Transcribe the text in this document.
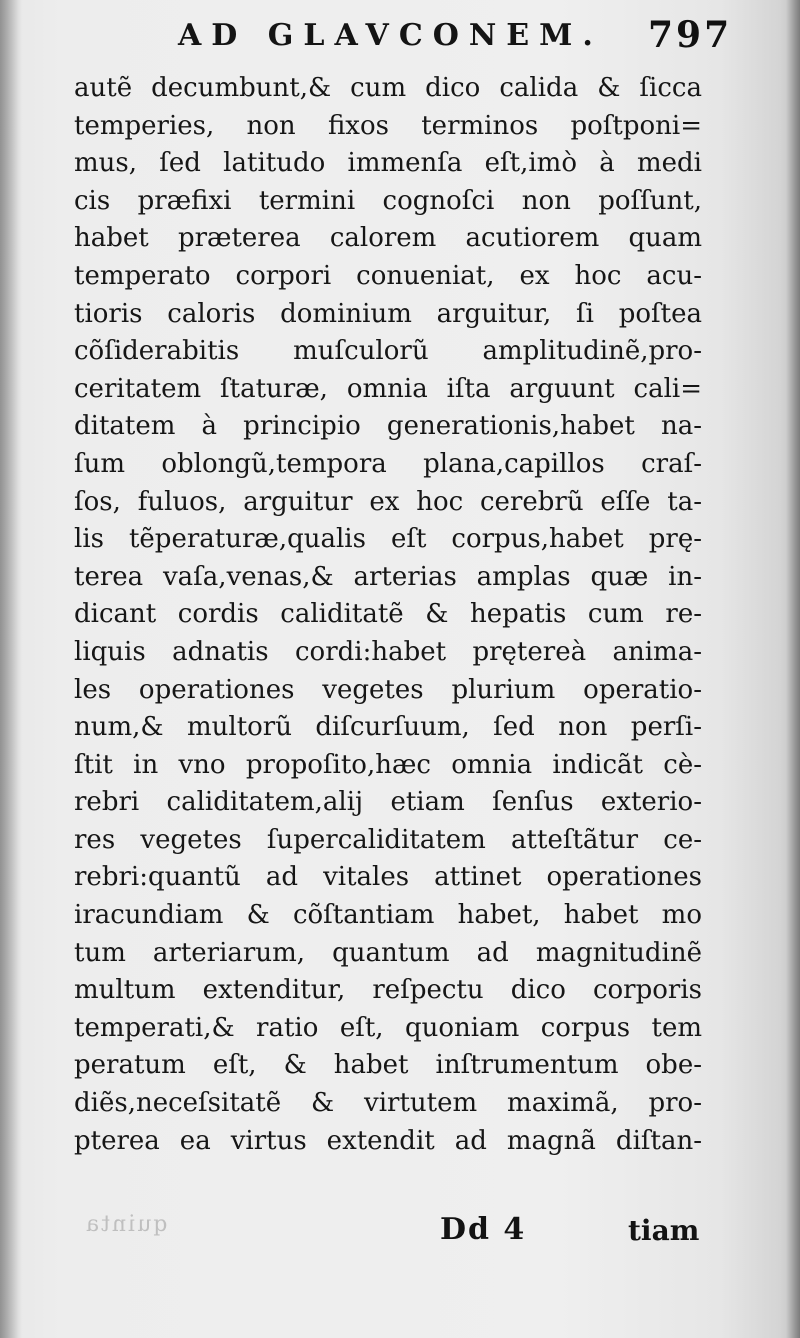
AD GLAVCONEM. 797
autẽ decumbunt,& cum dico calida & ſicca
temperies, non fixos terminos poſtponi=
mus, ſed latitudo immenſa eſt,imò à medi
cis præfixi termini cognoſci non poſſunt,
habet præterea calorem acutiorem quam
temperato corpori conueniat, ex hoc acu-
tioris caloris dominium arguitur, ſi poſtea
cõſiderabitis muſculorũ amplitudinẽ,pro-
ceritatem ſtaturæ, omnia iſta arguunt cali=
ditatem à principio generationis,habet na-
ſum oblongũ,tempora plana,capillos craſ-
ſos, fuluos, arguitur ex hoc cerebrũ eſſe ta-
lis tẽperaturæ,qualis eſt corpus,habet prę-
terea vaſa,venas,& arterias amplas quæ in-
dicant cordis caliditatẽ & hepatis cum re-
liquis adnatis cordi:habet prętereà anima-
les operationes vegetes plurium operatio-
num,& multorũ diſcurſuum, ſed non perſi-
ſtit in vno propoſito,hæc omnia indicãt cè-
rebri caliditatem,alij etiam ſenſus exterio-
res vegetes ſupercaliditatem atteſtãtur ce-
rebri:quantũ ad vitales attinet operationes
iracundiam & cõſtantiam habet, habet mo
tum arteriarum, quantum ad magnitudinẽ
multum extenditur, reſpectu dico corporis
temperati,& ratio eſt, quoniam corpus tem
peratum eſt, & habet inſtrumentum obe-
diẽs,neceſsitatẽ & virtutem maximã, pro-
pterea ea virtus extendit ad magnã diſtan-
quinta	Dd 4	tiam
